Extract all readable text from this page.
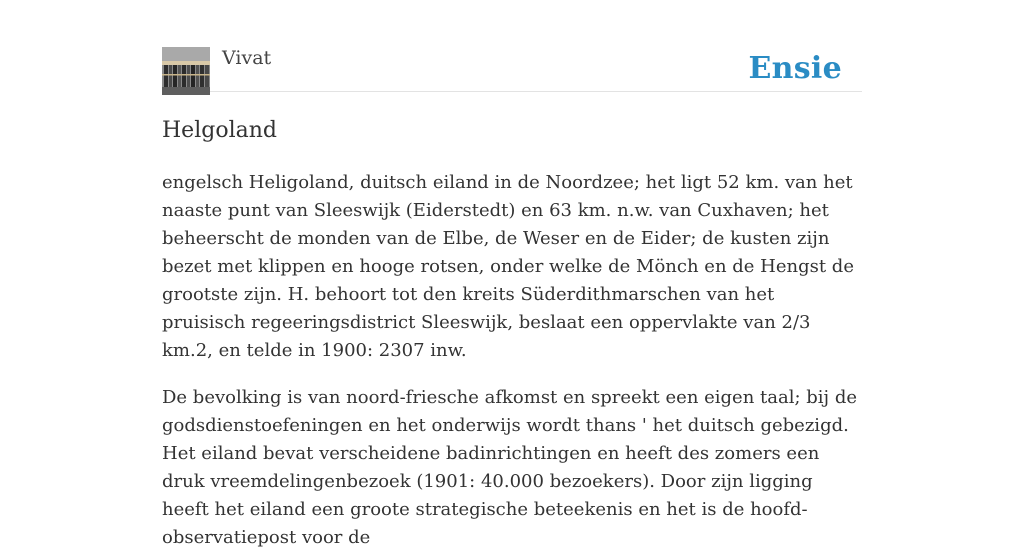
Vivat	Ensie
Helgoland

engelsch Heligoland, duitsch eiland in de Noordzee; het ligt 52 km. van het naaste punt van Sleeswijk (Eiderstedt) en 63 km. n.w. van Cuxhaven; het beheerscht de monden van de Elbe, de Weser en de Eider; de kusten zijn bezet met klippen en hooge rotsen, onder welke de Mönch en de Hengst de grootste zijn. H. behoort tot den kreits Süderdithmarschen van het pruisisch regeeringsdistrict Sleeswijk, beslaat een oppervlakte van 2/3 km.2, en telde in 1900: 2307 inw.

De bevolking is van noord-friesche afkomst en spreekt een eigen taal; bij de godsdienstoefeningen en het onderwijs wordt thans ' het duitsch gebezigd. Het eiland bevat verscheidene badinrichtingen en heeft des zomers een druk vreemdelingenbezoek (1901: 40.000 bezoekers). Door zijn ligging heeft het eiland een groote strategische beteekenis en het is de hoofd-observatiepost voor de
